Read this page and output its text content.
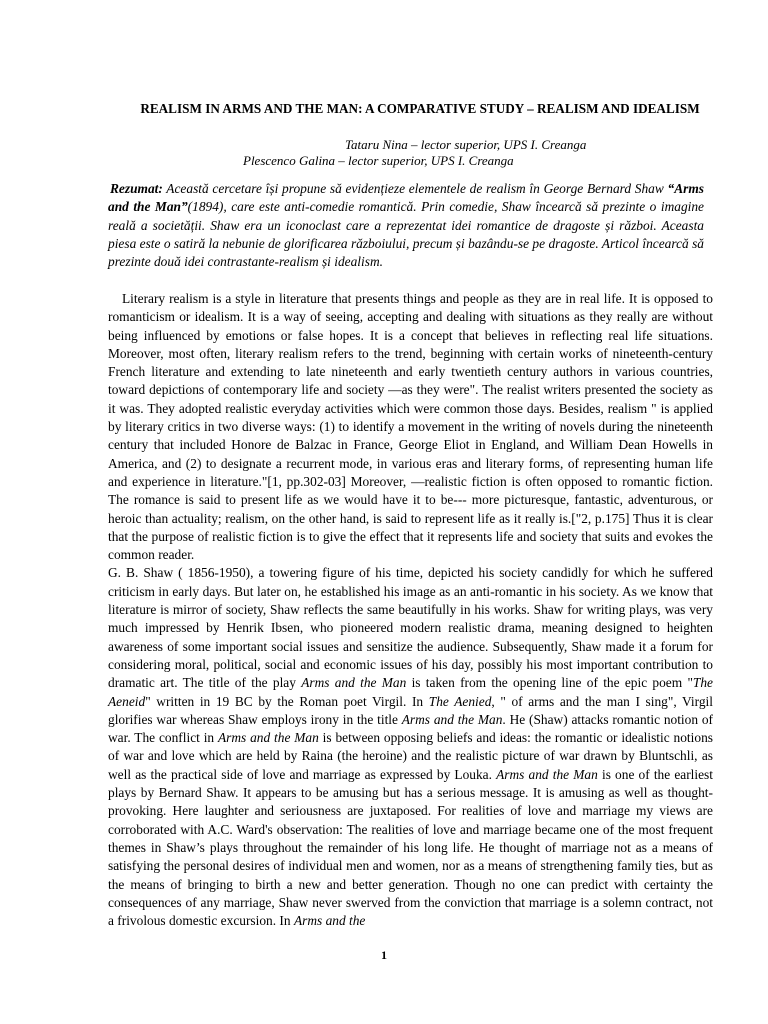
REALISM IN ARMS AND THE MAN: A COMPARATIVE STUDY – REALISM AND IDEALISM
Tataru Nina – lector superior, UPS I. Creanga
Plescenco Galina – lector superior, UPS I. Creanga
Rezumat: Această cercetare își propune să evidențieze elementele de realism în George Bernard Shaw “Arms and the Man”(1894), care este anti-comedie romantică. Prin comedie, Shaw încearcă să prezinte o imagine reală a societății. Shaw era un iconoclast care a reprezentat idei romantice de dragoste și război. Aceasta piesa este o satiră la nebunie de glorificarea războiului, precum și bazându-se pe dragoste. Articol încearcă să prezinte două idei contrastante-realism și idealism.

Literary realism is a style in literature that presents things and people as they are in real life. It is opposed to romanticism or idealism. It is a way of seeing, accepting and dealing with situations as they really are without being influenced by emotions or false hopes. It is a concept that believes in reflecting real life situations. Moreover, most often, literary realism refers to the trend, beginning with certain works of nineteenth-century French literature and extending to late nineteenth and early twentieth century authors in various countries, toward depictions of contemporary life and society —as they were". The realist writers presented the society as it was. They adopted realistic everyday activities which were common those days. Besides, realism " is applied by literary critics in two diverse ways: (1) to identify a movement in the writing of novels during the nineteenth century that included Honore de Balzac in France, George Eliot in England, and William Dean Howells in America, and (2) to designate a recurrent mode, in various eras and literary forms, of representing human life and experience in literature."[1, pp.302-03] Moreover, —realistic fiction is often opposed to romantic fiction. The romance is said to present life as we would have it to be--- more picturesque, fantastic, adventurous, or heroic than actuality; realism, on the other hand, is said to represent life as it really is.["2, p.175] Thus it is clear that the purpose of realistic fiction is to give the effect that it represents life and society that suits and evokes the common reader.

G. B. Shaw ( 1856-1950), a towering figure of his time, depicted his society candidly for which he suffered criticism in early days. But later on, he established his image as an anti-romantic in his society. As we know that literature is mirror of society, Shaw reflects the same beautifully in his works. Shaw for writing plays, was very much impressed by Henrik Ibsen, who pioneered modern realistic drama, meaning designed to heighten awareness of some important social issues and sensitize the audience. Subsequently, Shaw made it a forum for considering moral, political, social and economic issues of his day, possibly his most important contribution to dramatic art. The title of the play Arms and the Man is taken from the opening line of the epic poem "The Aeneid" written in 19 BC by the Roman poet Virgil. In The Aenied, " of arms and the man I sing", Virgil glorifies war whereas Shaw employs irony in the title Arms and the Man. He (Shaw) attacks romantic notion of war. The conflict in Arms and the Man is between opposing beliefs and ideas: the romantic or idealistic notions of war and love which are held by Raina (the heroine) and the realistic picture of war drawn by Bluntschli, as well as the practical side of love and marriage as expressed by Louka. Arms and the Man is one of the earliest plays by Bernard Shaw. It appears to be amusing but has a serious message. It is amusing as well as thought- provoking. Here laughter and seriousness are juxtaposed. For realities of love and marriage my views are corroborated with A.C. Ward's observation: The realities of love and marriage became one of the most frequent themes in Shaw’s plays throughout the remainder of his long life. He thought of marriage not as a means of satisfying the personal desires of individual men and women, nor as a means of strengthening family ties, but as the means of bringing to birth a new and better generation. Though no one can predict with certainty the consequences of any marriage, Shaw never swerved from the conviction that marriage is a solemn contract, not a frivolous domestic excursion. In Arms and the

1
